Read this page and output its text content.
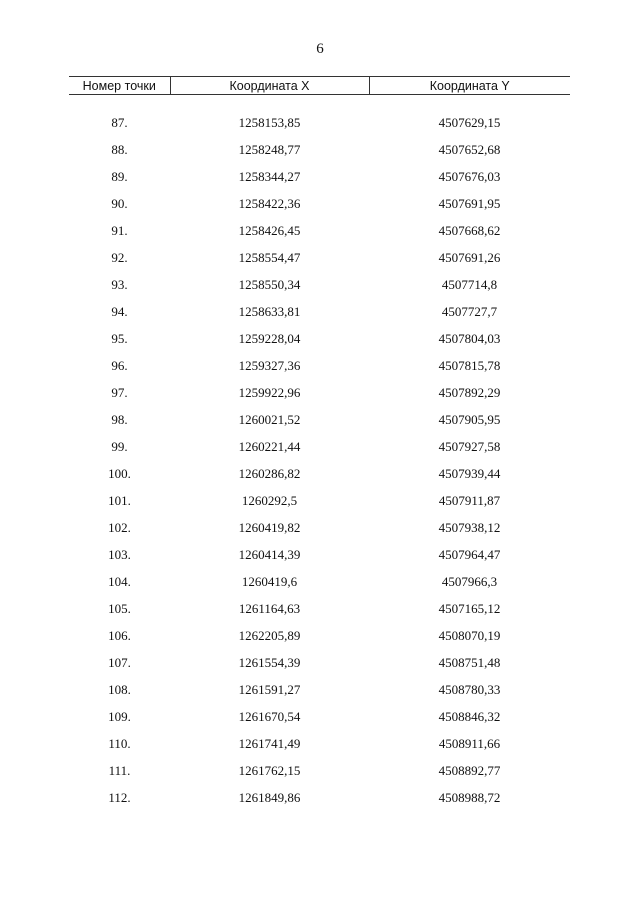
6
Номер точки	Координата X	Координата Y

87.	1258153,85	4507629,15
88.	1258248,77	4507652,68
89.	1258344,27	4507676,03
90.	1258422,36	4507691,95
91.	1258426,45	4507668,62
92.	1258554,47	4507691,26
93.	1258550,34	4507714,8
94.	1258633,81	4507727,7
95.	1259228,04	4507804,03
96.	1259327,36	4507815,78
97.	1259922,96	4507892,29
98.	1260021,52	4507905,95
99.	1260221,44	4507927,58
100.	1260286,82	4507939,44
101.	1260292,5	4507911,87
102.	1260419,82	4507938,12
103.	1260414,39	4507964,47
104.	1260419,6	4507966,3
105.	1261164,63	4507165,12
106.	1262205,89	4508070,19
107.	1261554,39	4508751,48
108.	1261591,27	4508780,33
109.	1261670,54	4508846,32
110.	1261741,49	4508911,66
111.	1261762,15	4508892,77
112.	1261849,86	4508988,72
